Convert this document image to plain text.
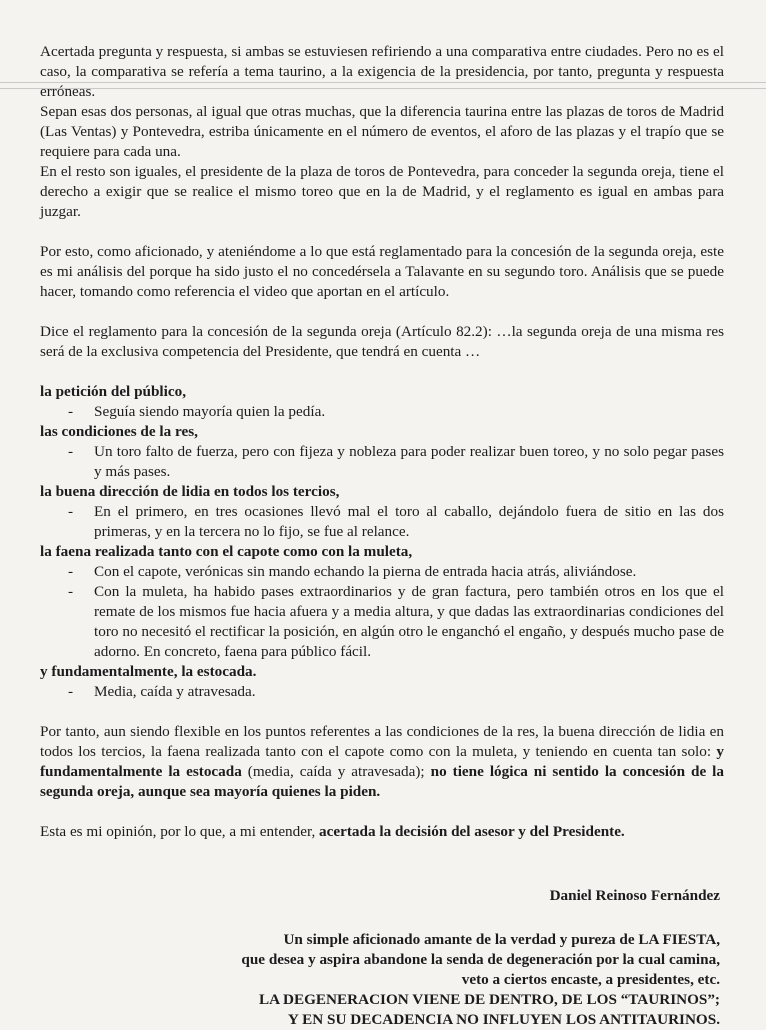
Acertada pregunta y respuesta, si ambas se estuviesen refiriendo a una comparativa entre ciudades. Pero no es el caso, la comparativa se refería a tema taurino, a la exigencia de la presidencia, por tanto, pregunta y respuesta erróneas.

Sepan esas dos personas, al igual que otras muchas, que la diferencia taurina entre las plazas de toros de Madrid (Las Ventas) y Pontevedra, estriba únicamente en el número de eventos, el aforo de las plazas y el trapío que se requiere para cada una.

En el resto son iguales, el presidente de la plaza de toros de Pontevedra, para conceder la segunda oreja, tiene el derecho a exigir que se realice el mismo toreo que en la de Madrid, y el reglamento es igual en ambas para juzgar.

Por esto, como aficionado, y ateniéndome a lo que está reglamentado para la concesión de la segunda oreja, este es mi análisis del porque ha sido justo el no concedérsela a Talavante en su segundo toro. Análisis que se puede hacer, tomando como referencia el video que aportan en el artículo.

Dice el reglamento para la concesión de la segunda oreja (Artículo 82.2): …la segunda oreja de una misma res será de la exclusiva competencia del Presidente, que tendrá en cuenta …

la petición del público,
- Seguía siendo mayoría quien la pedía.
las condiciones de la res,
- Un toro falto de fuerza, pero con fijeza y nobleza para poder realizar buen toreo, y no solo pegar pases y más pases.
la buena dirección de lidia en todos los tercios,
- En el primero, en tres ocasiones llevó mal el toro al caballo, dejándolo fuera de sitio en las dos primeras, y en la tercera no lo fijo, se fue al relance.
la faena realizada tanto con el capote como con la muleta,
- Con el capote, verónicas sin mando echando la pierna de entrada hacia atrás, aliviándose.
- Con la muleta, ha habido pases extraordinarios y de gran factura, pero también otros en los que el remate de los mismos fue hacia afuera y a media altura, y que dadas las extraordinarias condiciones del toro no necesitó el rectificar la posición, en algún otro le enganchó el engaño, y después mucho pase de adorno. En concreto, faena para público fácil.
y fundamentalmente, la estocada.
- Media, caída y atravesada.

Por tanto, aun siendo flexible en los puntos referentes a las condiciones de la res, la buena dirección de lidia en todos los tercios, la faena realizada tanto con el capote como con la muleta, y teniendo en cuenta tan solo: y fundamentalmente la estocada (media, caída y atravesada); no tiene lógica ni sentido la concesión de la segunda oreja, aunque sea mayoría quienes la piden.

Esta es mi opinión, por lo que, a mi entender, acertada la decisión del asesor y del Presidente.

Daniel Reinoso Fernández
Un simple aficionado amante de la verdad y pureza de LA FIESTA,
que desea y aspira abandone la senda de degeneración por la cual camina,
veto a ciertos encaste, a presidentes, etc.
LA DEGENERACION VIENE DE DENTRO, DE LOS “TAURINOS”;
Y EN SU DECADENCIA NO INFLUYEN LOS ANTITAURINOS.
